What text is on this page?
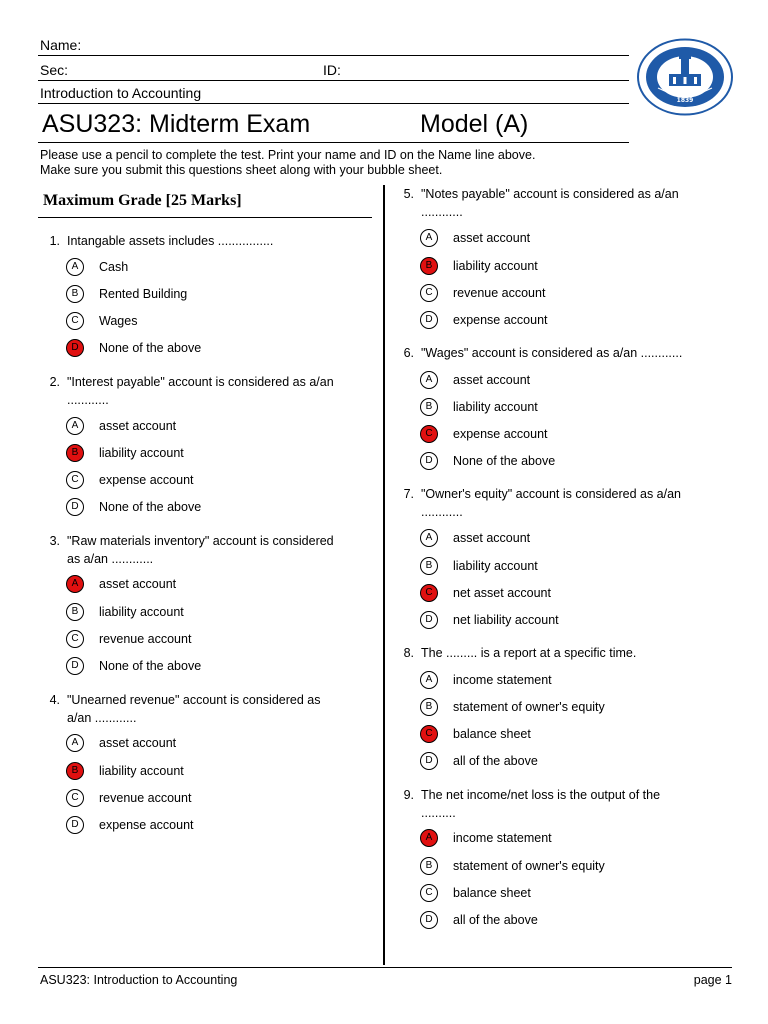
Name:
Sec:	ID:
Introduction to Accounting
ASU323: Midterm Exam	Model (A)
1839
Please use a pencil to complete the test. Print your name and ID on the Name line above.
Make sure you submit this questions sheet along with your bubble sheet.
Maximum Grade [25 Marks]
1. Intangable assets includes ................
A	Cash
B	Rented Building
C	Wages
D	None of the above
2. "Interest payable" account is considered as a/an
............
A	asset account
B	liability account
C	expense account
D	None of the above
3. "Raw materials inventory" account is considered
as a/an ............
A	asset account
B	liability account
C	revenue account
D	None of the above
4. "Unearned revenue" account is considered as
a/an ............
A	asset account
B	liability account
C	revenue account
D	expense account
5. "Notes payable" account is considered as a/an
............
A	asset account
B	liability account
C	revenue account
D	expense account
6. "Wages" account is considered as a/an ............
A	asset account
B	liability account
C	expense account
D	None of the above
7. "Owner's equity" account is considered as a/an
............
A	asset account
B	liability account
C	net asset account
D	net liability account
8. The ......... is a report at a specific time.
A	income statement
B	statement of owner's equity
C	balance sheet
D	all of the above
9. The net income/net loss is the output of the
..........
A	income statement
B	statement of owner's equity
C	balance sheet
D	all of the above
ASU323: Introduction to Accounting	page 1
